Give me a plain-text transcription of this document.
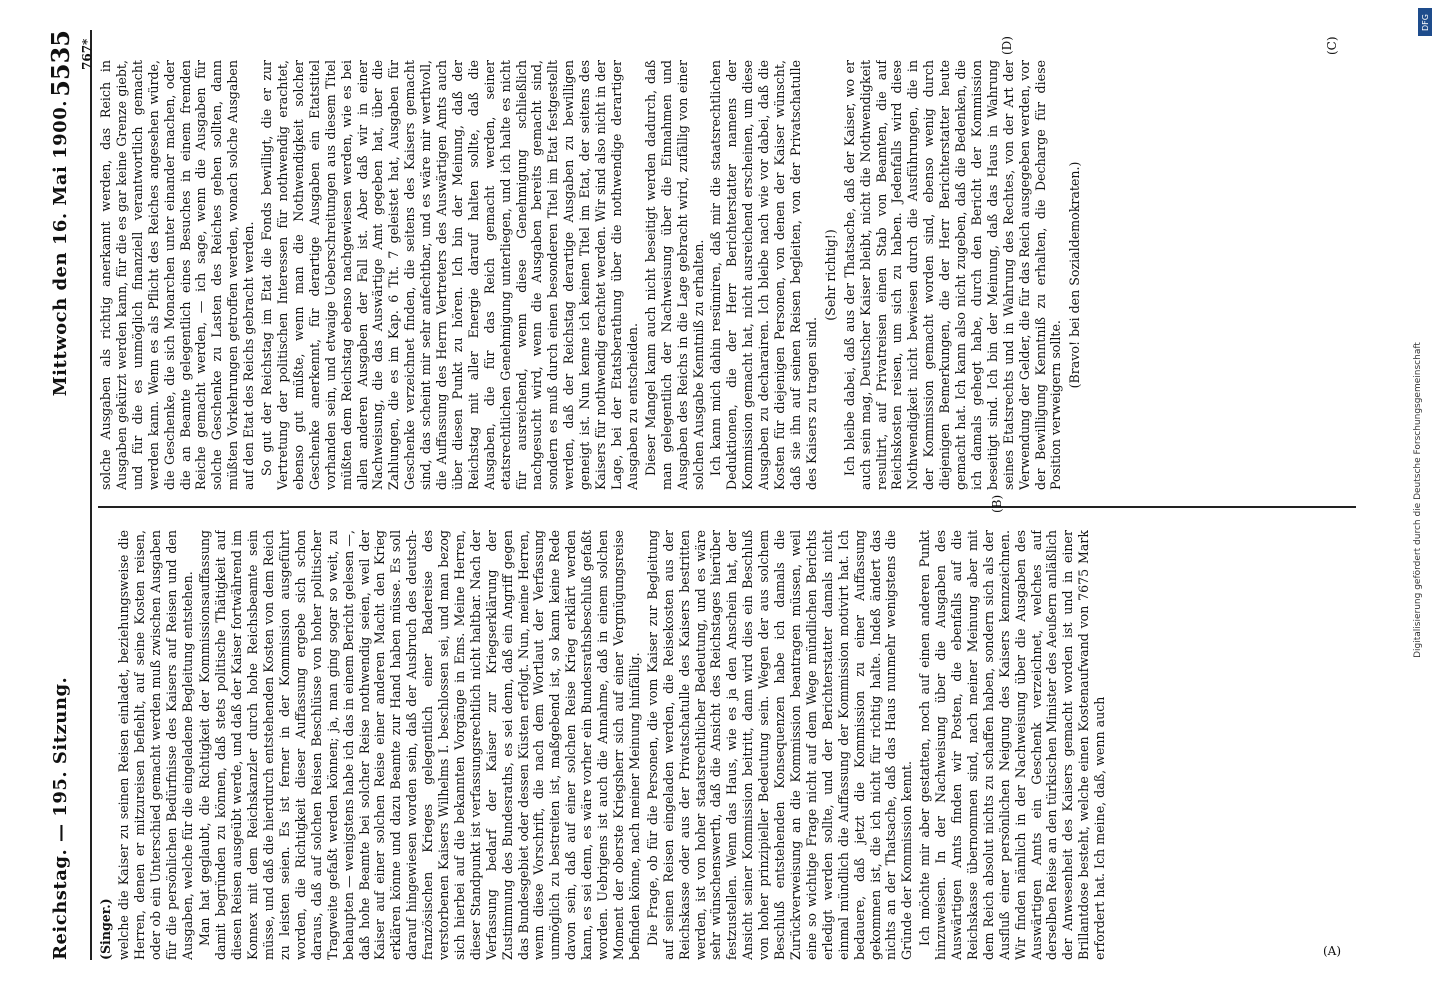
Reichstag. — 195. Sitzung.
Mittwoch den 16. Mai 1900.
5535

(Singer.) welche die Kaiser zu seinen Reisen einladet, beziehungsweise die Herren, denen er mitzureisen befiehlt, auf seine Kosten reisen, oder ob ein Unterschied gemacht werden muß zwischen Ausgaben für die persönlichen Bedürfnisse des Kaisers auf Reisen und den Ausgaben, welche für die eingeladene Begleitung entstehen. Man hat geglaubt, die Richtigkeit der Kommissionsauffassung damit begründen zu können, daß stets politische Thätigkeit auf diesen Reisen ausgeübt werde, und daß der Kaiser fortwährend im Konnex mit dem Reichskanzler durch hohe Reichsbeamte sein müsse, und daß die hierdurch entstehenden Kosten von dem Reich zu leisten seien. Es ist ferner in der Kommission ausgeführt worden, die Richtigkeit dieser Auffassung ergebe sich schon daraus, daß auf solchen Reisen Beschlüsse von hoher politischer Tragweite gefaßt werden können; ja, man ging sogar so weit, zu behaupten — wenigstens habe ich das in einem Bericht gelesen —, daß hohe Beamte bei solcher Reise nothwendig seien, weil der Kaiser auf einer solchen Reise einer anderen Macht den Krieg erklären könne und dazu Beamte zur Hand haben müsse. Es soll darauf hingewiesen worden sein, daß der Ausbruch des deutsch-französischen Krieges gelegentlich einer Badereise des verstorbenen Kaisers Wilhelms I. beschlossen sei, und man bezog sich hierbei auf die bekannten Vorgänge in Ems. Meine Herren, dieser Standpunkt ist verfassungsrechtlich nicht haltbar. Nach der Verfassung bedarf der Kaiser zur Kriegserklärung der Zustimmung des Bundesraths, es sei denn, daß ein Angriff gegen das Bundesgebiet oder dessen Küsten erfolgt. Nun, meine Herren, wenn diese Vorschrift, die nach dem Wortlaut der Verfassung unmöglich zu bestreiten ist, maßgebend ist, so kann keine Rede davon sein, daß auf einer solchen Reise Krieg erklärt werden kann, es sei denn, es wäre vorher ein Bundesrathsbeschluß gefaßt worden. Uebrigens ist auch die Annahme, daß in einem solchen Moment der oberste Kriegsherr sich auf einer Vergnügungsreise befinden könne, nach meiner Meinung hinfällig. Die Frage, ob für die Personen, die vom Kaiser zur Begleitung auf seinen Reisen eingeladen werden, die Reisekosten aus der Reichskasse oder aus der Privatschatulle des Kaisers bestritten werden, ist von hoher staatsrechtlicher Bedeutung, und es wäre sehr wünschenswerth, daß die Ansicht des Reichstages hierüber festzustellen. Wenn das Haus, wie es ja den Anschein hat, der Ansicht seiner Kommission beitritt, dann wird dies ein Beschluß von hoher prinzipieller Bedeutung sein. Wegen der aus solchem Beschluß entstehenden Konsequenzen habe ich damals die Zurückverweisung an die Kommission beantragen müssen, weil eine so wichtige Frage nicht auf dem Wege mündlichen Berichts erledigt werden sollte, und der Berichterstatter damals nicht einmal mündlich die Auffassung der Kommission motivirt hat. Ich bedauere, daß jetzt die Kommission zu einer Auffassung gekommen ist, die ich nicht für richtig halte. Indeß ändert das nichts an der Thatsache, daß das Haus nunmehr wenigstens die Gründe der Kommission kennt. Ich möchte mir aber gestatten, noch auf einen anderen Punkt hinzuweisen. In der Nachweisung über die Ausgaben des Auswärtigen Amts finden wir Posten, die ebenfalls auf die Reichskasse übernommen sind, nach meiner Meinung aber mit dem Reich absolut nichts zu schaffen haben, sondern sich als der Ausfluß einer persönlichen Neigung des Kaisers kennzeichnen. Wir finden nämlich in der Nachweisung über die Ausgaben des Auswärtigen Amts ein Geschenk verzeichnet, welches auf derselben Reise an den türkischen Minister des Aeußern anläßlich der Anwesenheit des Kaisers gemacht worden ist und in einer Brillantdose besteht, welche einen Kostenaufwand von 7675 Mark erfordert hat. Ich meine, daß, wenn auch

solche Ausgaben als richtig anerkannt werden, das Reich in Ausgaben gekürzt werden kann, für die es gar keine Grenze giebt, und für die es unmöglich finanziell verantwortlich gemacht werden kann. Wenn es als Pflicht des Reiches angesehen würde, die Geschenke, die sich Monarchen unter einander machen, oder die an Beamte gelegentlich eines Besuches in einem fremden Reiche gemacht werden, — ich sage, wenn die Ausgaben für solche Geschenke zu Lasten des Reiches gehen sollten, dann müßten Vorkehrungen getroffen werden, wonach solche Ausgaben auf den Etat des Reichs gebracht werden. So gut der Reichstag im Etat die Fonds bewilligt, die er zur Vertretung der politischen Interessen für nothwendig erachtet, ebenso gut müßte, wenn man die Nothwendigkeit solcher Geschenke anerkennt, für derartige Ausgaben ein Etatstitel vorhanden sein, und etwaige Ueberschreitungen aus diesem Titel müßten dem Reichstag ebenso nachgewiesen werden, wie es bei allen anderen Ausgaben der Fall ist. Aber daß wir in einer Nachweisung, die das Auswärtige Amt gegeben hat, über die Zahlungen, die es im Kap. 6 Tit. 7 geleistet hat, Ausgaben für Geschenke verzeichnet finden, die seitens des Kaisers gemacht sind, das scheint mir sehr anfechtbar, und es wäre mir werthvoll, die Auffassung des Herrn Vertreters des Auswärtigen Amts auch über diesen Punkt zu hören. Ich bin der Meinung, daß der Reichstag mit aller Energie darauf halten sollte, daß die Ausgaben, die für das Reich gemacht werden, seiner etatsrechtlichen Genehmigung unterliegen, und ich halte es nicht für ausreichend, wenn diese Genehmigung schließlich nachgesucht wird, wenn die Ausgaben bereits gemacht sind, sondern es muß durch einen besonderen Titel im Etat festgestellt werden, daß der Reichstag derartige Ausgaben zu bewilligen geneigt ist. Nun kenne ich keinen Titel im Etat, der seitens des Kaisers für nothwendig erachtet werden. Wir sind also nicht in der Lage, bei der Etatsberathung über die nothwendige derartiger Ausgaben zu entscheiden. Dieser Mangel kann auch nicht beseitigt werden dadurch, daß man gelegentlich der Nachweisung über die Einnahmen und Ausgaben des Reichs in die Lage gebracht wird, zufällig von einer solchen Ausgabe Kenntniß zu erhalten. Ich kann mich dahin resümiren, daß mir die staatsrechtlichen Deduktionen, die der Herr Berichterstatter namens der Kommission gemacht hat, nicht ausreichend erscheinen, um diese Ausgaben zu decharairen. Ich bleibe nach wie vor dabei, daß die Kosten für diejenigen Personen, von denen der Kaiser wünscht, daß sie ihn auf seinen Reisen begleiten, von der Privatschatulle des Kaisers zu tragen sind.

(Sehr richtig!) Ich bleibe dabei, daß aus der Thatsache, daß der Kaiser, wo er auch sein mag, Deutscher Kaiser bleibt, nicht die Nothwendigkeit resultirt, auf Privatreisen einen Stab von Beamten, die auf Reichskosten reisen, um sich zu haben. Jedenfalls wird diese Nothwendigkeit nicht bewiesen durch die Ausführungen, die in der Kommission gemacht worden sind, ebenso wenig durch diejenigen Bemerkungen, die der Herr Berichterstatter heute gemacht hat. Ich kann also nicht zugeben, daß die Bedenken, die ich damals gehegt habe, durch den Bericht der Kommission beseitigt sind. Ich bin der Meinung, daß das Haus in Wahrung seines Etatsrechts und in Wahrung des Rechtes, von der Art der Verwendung der Gelder, die für das Reich ausgegeben werden, vor der Bewilligung Kenntniß zu erhalten, die Decharge für diese Position verweigern sollte.

(Bravo! bei den Sozialdemokraten.)

(A)
(B)
(C)
(D)
767*
Digitalisierung gefördert durch die Deutsche Forschungsgemeinschaft
DFG
